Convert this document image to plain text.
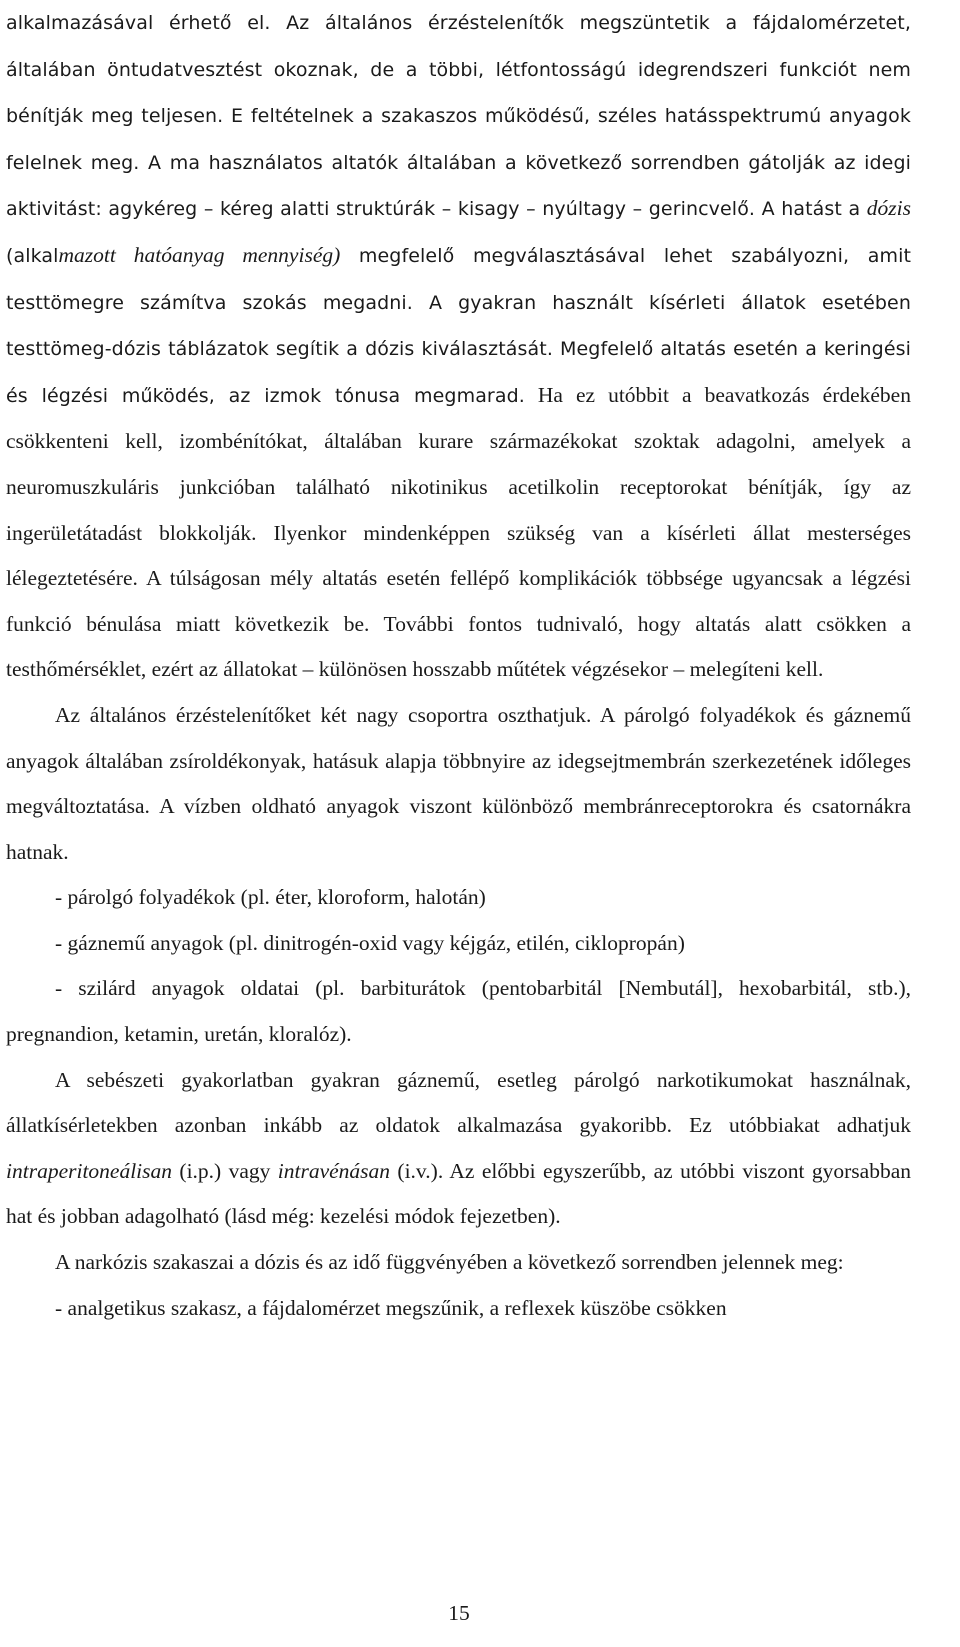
alkalmazásával érhető el. Az általános érzéstelenítők megszüntetik a fájdalomérzetet, általában öntudatvesztést okoznak, de a többi, létfontosságú idegrendszeri funkciót nem bénítják meg teljesen. E feltételnek a szakaszos működésű, széles hatásspektrumú anyagok felelnek meg. A ma használatos altatók általában a következő sorrendben gátolják az idegi aktivitást: agykéreg – kéreg alatti struktúrák – kisagy – nyúltagy – gerincvelő. A hatást a dózis (alkalmazott hatóanyag mennyiség) megfelelő megválasztásával lehet szabályozni, amit testtömegre számítva szokás megadni. A gyakran használt kísérleti állatok esetében testtömeg-dózis táblázatok segítik a dózis kiválasztását. Megfelelő altatás esetén a keringési és légzési működés, az izmok tónusa megmarad. Ha ez utóbbit a beavatkozás érdekében csökkenteni kell, izombénítókat, általában kurare származékokat szoktak adagolni, amelyek a neuromuszkuláris junkcióban található nikotinikus acetilkolin receptorokat bénítják, így az ingerületátadást blokkolják. Ilyenkor mindenképpen szükség van a kísérleti állat mesterséges lélegeztetésére. A túlságosan mély altatás esetén fellépő komplikációk többsége ugyancsak a légzési funkció bénulása miatt következik be. További fontos tudnivaló, hogy altatás alatt csökken a testhőmérséklet, ezért az állatokat – különösen hosszabb műtétek végzésekor – melegíteni kell.

Az általános érzéstelenítőket két nagy csoportra oszthatjuk. A párolgó folyadékok és gáznemű anyagok általában zsíroldékonyak, hatásuk alapja többnyire az idegsejtmembrán szerkezetének időleges megváltoztatása. A vízben oldható anyagok viszont különböző membránreceptorokra és csatornákra hatnak.

- párolgó folyadékok (pl. éter, kloroform, halotán)

- gáznemű anyagok (pl. dinitrogén-oxid vagy kéjgáz, etilén, ciklopropán)

- szilárd anyagok oldatai (pl. barbiturátok (pentobarbitál [Nembutál], hexobarbitál, stb.), pregnandion, ketamin, uretán, kloralóz).

A sebészeti gyakorlatban gyakran gáznemű, esetleg párolgó narkotikumokat használnak, állatkísérletekben azonban inkább az oldatok alkalmazása gyakoribb. Ez utóbbiakat adhatjuk intraperitoneálisan (i.p.) vagy intravénásan (i.v.). Az előbbi egyszerűbb, az utóbbi viszont gyorsabban hat és jobban adagolható (lásd még: kezelési módok fejezetben).

A narkózis szakaszai a dózis és az idő függvényében a következő sorrendben jelennek meg:

- analgetikus szakasz, a fájdalomérzet megszűnik, a reflexek küszöbe csökken

15
